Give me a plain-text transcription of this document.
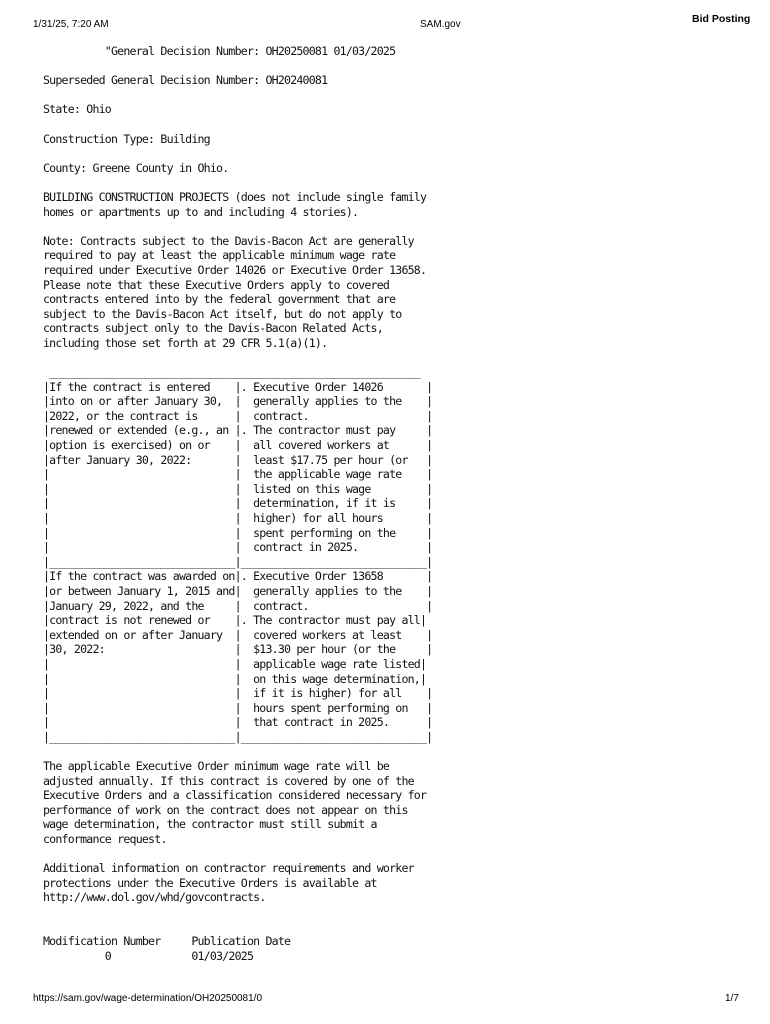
1/31/25, 7:20 AM	SAM.gov	Bid Posting
"General Decision Number: OH20250081 01/03/2025
Superseded General Decision Number: OH20240081
State: Ohio
Construction Type: Building
County: Greene County in Ohio.
BUILDING CONSTRUCTION PROJECTS (does not include single family
homes or apartments up to and including 4 stories).
Note: Contracts subject to the Davis-Bacon Act are generally
required to pay at least the applicable minimum wage rate
required under Executive Order 14026 or Executive Order 13658.
Please note that these Executive Orders apply to covered
contracts entered into by the federal government that are
subject to the Davis-Bacon Act itself, but do not apply to
contracts subject only to the Davis-Bacon Related Acts,
including those set forth at 29 CFR 5.1(a)(1).
____________________________________________________________
|If the contract is entered    |. Executive Order 14026       |
|into on or after January 30,  |  generally applies to the    |
|2022, or the contract is      |  contract.                   |
|renewed or extended (e.g., an |. The contractor must pay     |
|option is exercised) on or    |  all covered workers at      |
|after January 30, 2022:       |  least $17.75 per hour (or   |
|                              |  the applicable wage rate    |
|                              |  listed on this wage         |
|                              |  determination, if it is     |
|                              |  higher) for all hours       |
|                              |  spent performing on the     |
|                              |  contract in 2025.           |
|______________________________|______________________________|
|If the contract was awarded on|. Executive Order 13658       |
|or between January 1, 2015 and|  generally applies to the    |
|January 29, 2022, and the     |  contract.                   |
|contract is not renewed or    |. The contractor must pay all|
|extended on or after January  |  covered workers at least    |
|30, 2022:                     |  $13.30 per hour (or the     |
|                              |  applicable wage rate listed|
|                              |  on this wage determination,|
|                              |  if it is higher) for all    |
|                              |  hours spent performing on   |
|                              |  that contract in 2025.      |
|______________________________|______________________________|
The applicable Executive Order minimum wage rate will be
adjusted annually. If this contract is covered by one of the
Executive Orders and a classification considered necessary for
performance of work on the contract does not appear on this
wage determination, the contractor must still submit a
conformance request.
Additional information on contractor requirements and worker
protections under the Executive Orders is available at
http://www.dol.gov/whd/govcontracts.
Modification Number     Publication Date
0             01/03/2025
https://sam.gov/wage-determination/OH20250081/0	1/7
